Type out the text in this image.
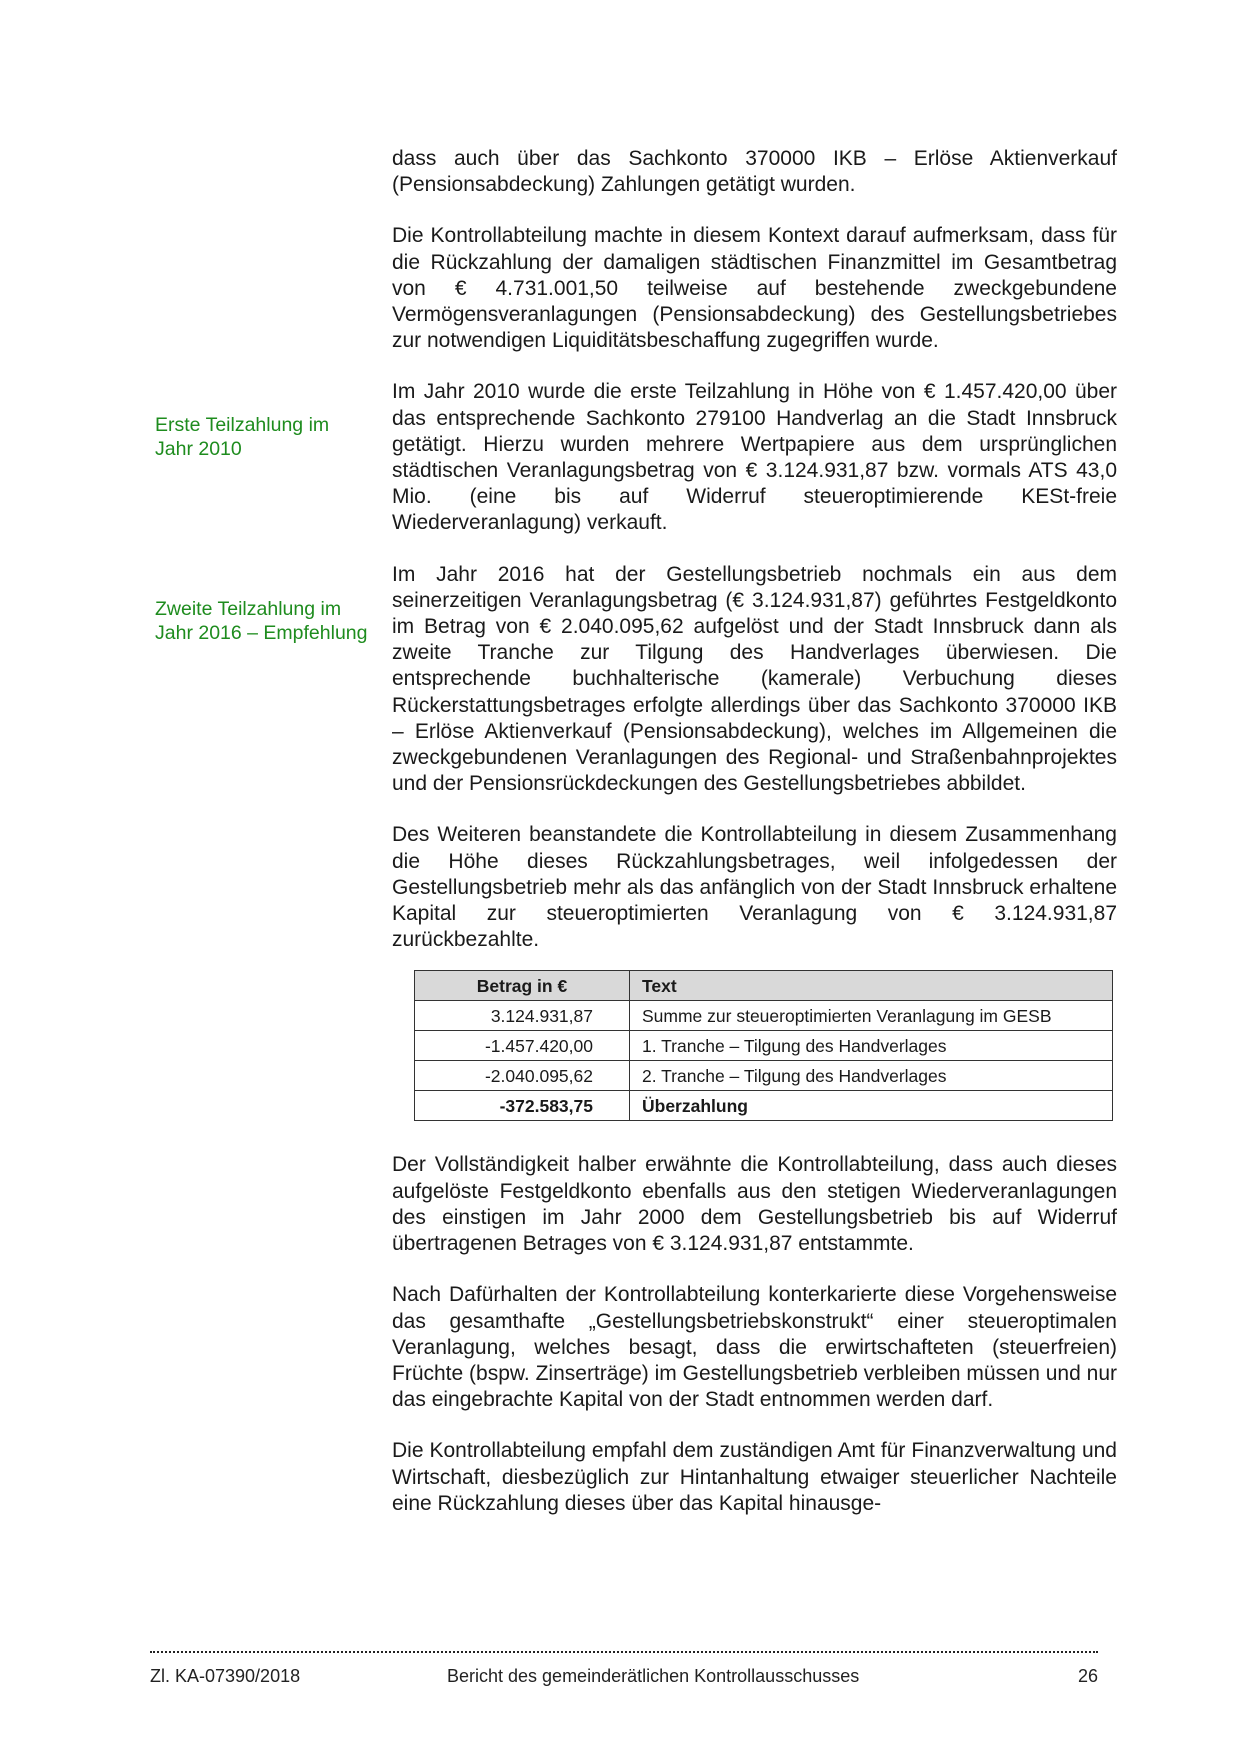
Erste Teilzahlung im Jahr 2010
Zweite Teilzahlung im Jahr 2016 – Empfehlung

dass auch über das Sachkonto 370000 IKB – Erlöse Aktienverkauf (Pensionsabdeckung) Zahlungen getätigt wurden.

Die Kontrollabteilung machte in diesem Kontext darauf aufmerksam, dass für die Rückzahlung der damaligen städtischen Finanzmittel im Gesamtbetrag von € 4.731.001,50 teilweise auf bestehende zweckgebundene Vermögensveranlagungen (Pensionsabdeckung) des Gestellungsbetriebes zur notwendigen Liquiditätsbeschaffung zugegriffen wurde.

Im Jahr 2010 wurde die erste Teilzahlung in Höhe von € 1.457.420,00 über das entsprechende Sachkonto 279100 Handverlag an die Stadt Innsbruck getätigt. Hierzu wurden mehrere Wertpapiere aus dem ursprünglichen städtischen Veranlagungsbetrag von € 3.124.931,87 bzw. vormals ATS 43,0 Mio. (eine bis auf Widerruf steueroptimierende KESt-freie Wiederveranlagung) verkauft.

Im Jahr 2016 hat der Gestellungsbetrieb nochmals ein aus dem seinerzeitigen Veranlagungsbetrag (€ 3.124.931,87) geführtes Festgeldkonto im Betrag von € 2.040.095,62 aufgelöst und der Stadt Innsbruck dann als zweite Tranche zur Tilgung des Handverlages überwiesen. Die entsprechende buchhalterische (kamerale) Verbuchung dieses Rückerstattungsbetrages erfolgte allerdings über das Sachkonto 370000 IKB – Erlöse Aktienverkauf (Pensionsabdeckung), welches im Allgemeinen die zweckgebundenen Veranlagungen des Regional- und Straßenbahnprojektes und der Pensionsrückdeckungen des Gestellungsbetriebes abbildet.

Des Weiteren beanstandete die Kontrollabteilung in diesem Zusammenhang die Höhe dieses Rückzahlungsbetrages, weil infolgedessen der Gestellungsbetrieb mehr als das anfänglich von der Stadt Innsbruck erhaltene Kapital zur steueroptimierten Veranlagung von € 3.124.931,87 zurückbezahlte.

Betrag in €	Text
3.124.931,87	Summe zur steueroptimierten Veranlagung im GESB
-1.457.420,00	1. Tranche – Tilgung des Handverlages
-2.040.095,62	2. Tranche – Tilgung des Handverlages
-372.583,75	Überzahlung

Der Vollständigkeit halber erwähnte die Kontrollabteilung, dass auch dieses aufgelöste Festgeldkonto ebenfalls aus den stetigen Wiederveranlagungen des einstigen im Jahr 2000 dem Gestellungsbetrieb bis auf Widerruf übertragenen Betrages von € 3.124.931,87 entstammte.

Nach Dafürhalten der Kontrollabteilung konterkarierte diese Vorgehensweise das gesamthafte „Gestellungsbetriebskonstrukt“ einer steueroptimalen Veranlagung, welches besagt, dass die erwirtschafteten (steuerfreien) Früchte (bspw. Zinserträge) im Gestellungsbetrieb verbleiben müssen und nur das eingebrachte Kapital von der Stadt entnommen werden darf.

Die Kontrollabteilung empfahl dem zuständigen Amt für Finanzverwaltung und Wirtschaft, diesbezüglich zur Hintanhaltung etwaiger steuerlicher Nachteile eine Rückzahlung dieses über das Kapital hinausge-

Zl. KA-07390/2018	Bericht des gemeinderätlichen Kontrollausschusses	26
